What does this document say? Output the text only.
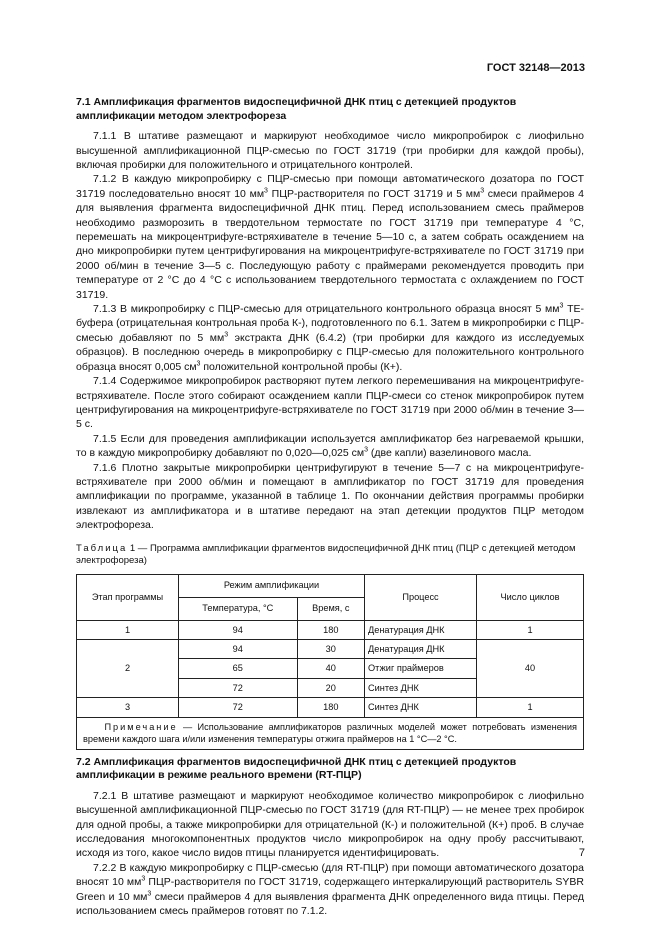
ГОСТ 32148—2013
7.1 Амплификация фрагментов видоспецифичной ДНК птиц с детекцией продуктов амплификации методом электрофореза

7.1.1 В штативе размещают и маркируют необходимое число микропробирок с лиофильно высушенной амплификационной ПЦР-смесью по ГОСТ 31719 (три пробирки для каждой пробы), включая пробирки для положительного и отрицательного контролей.

7.1.2 В каждую микропробирку с ПЦР-смесью при помощи автоматического дозатора по ГОСТ 31719 последовательно вносят 10 $мм^3$ ПЦР-растворителя по ГОСТ 31719 и 5 $мм^3$ смеси праймеров 4 для выявления фрагмента видоспецифичной ДНК птиц. Перед использованием смесь праймеров необходимо разморозить в твердотельном термостате по ГОСТ 31719 при температуре 4 °С, перемешать на микроцентрифуге-встряхивателе в течение 5—10 с, а затем собрать осаждением на дно микропробирки путем центрифугирования на микроцентрифуге-встряхивателе по ГОСТ 31719 при 2000 об/мин в течение 3—5 с. Последующую работу с праймерами рекомендуется проводить при температуре от 2 °С до 4 °С с использованием твердотельного термостата с охлаждением по ГОСТ 31719.

7.1.3 В микропробирку с ПЦР-смесью для отрицательного контрольного образца вносят 5 $мм^3$ ТЕ-буфера (отрицательная контрольная проба К-), подготовленного по 6.1. Затем в микропробирки с ПЦР-смесью добавляют по 5 $мм^3$ экстракта ДНК (6.4.2) (три пробирки для каждого из исследуемых образцов). В последнюю очередь в микропробирку с ПЦР-смесью для положительного контрольного образца вносят 0,005 $см^3$ положительной контрольной пробы (К+).

7.1.4 Содержимое микропробирок растворяют путем легкого перемешивания на микроцентрифуге-встряхивателе. После этого собирают осаждением капли ПЦР-смеси со стенок микропробирок путем центрифугирования на микроцентрифуге-встряхивателе по ГОСТ 31719 при 2000 об/мин в течение 3—5 с.

7.1.5 Если для проведения амплификации используется амплификатор без нагреваемой крышки, то в каждую микропробирку добавляют по 0,020—0,025 $см^3$ (две капли) вазелинового масла.

7.1.6 Плотно закрытые микропробирки центрифугируют в течение 5—7 с на микроцентрифуге-встряхивателе при 2000 об/мин и помещают в амплификатор по ГОСТ 31719 для проведения амплификации по программе, указанной в таблице 1. По окончании действия программы пробирки извлекают из амплификатора и в штативе передают на этап детекции продуктов ПЦР методом электрофореза.

Таблица 1 — Программа амплификации фрагментов видоспецифичной ДНК птиц (ПЦР с детекцией методом электрофореза)
Этап программы	Режим амплификации		Процесс	Число циклов
	Температура, °С	Время, с		
1	94	180	Денатурация ДНК	1
2	94	30	Денатурация ДНК	40
	65	40	Отжиг праймеров	
	72	20	Синтез ДНК	
3	72	180	Синтез ДНК	1
Примечание — Использование амплификаторов различных моделей может потребовать изменения времени каждого шага и/или изменения температуры отжига праймеров на 1 °С—2 °С.				
7.2 Амплификация фрагментов видоспецифичной ДНК птиц с детекцией продуктов амплификации в режиме реального времени (RT-ПЦР)

7.2.1 В штативе размещают и маркируют необходимое количество микропробирок с лиофильно высушенной амплификационной ПЦР-смесью по ГОСТ 31719 (для RT-ПЦР) — не менее трех пробирок для одной пробы, а также микропробирки для отрицательной (К-) и положительной (К+) проб. В случае исследования многокомпонентных продуктов число микропробирок на одну пробу рассчитывают, исходя из того, какое число видов птицы планируется идентифицировать.

7.2.2 В каждую микропробирку с ПЦР-смесью (для RT-ПЦР) при помощи автоматического дозатора вносят 10 $мм^3$ ПЦР-растворителя по ГОСТ 31719, содержащего интеркалирующий растворитель SYBR Green и 10 $мм^3$ смеси праймеров 4 для выявления фрагмента ДНК определенного вида птицы. Перед использованием смесь праймеров готовят по 7.1.2.

7
